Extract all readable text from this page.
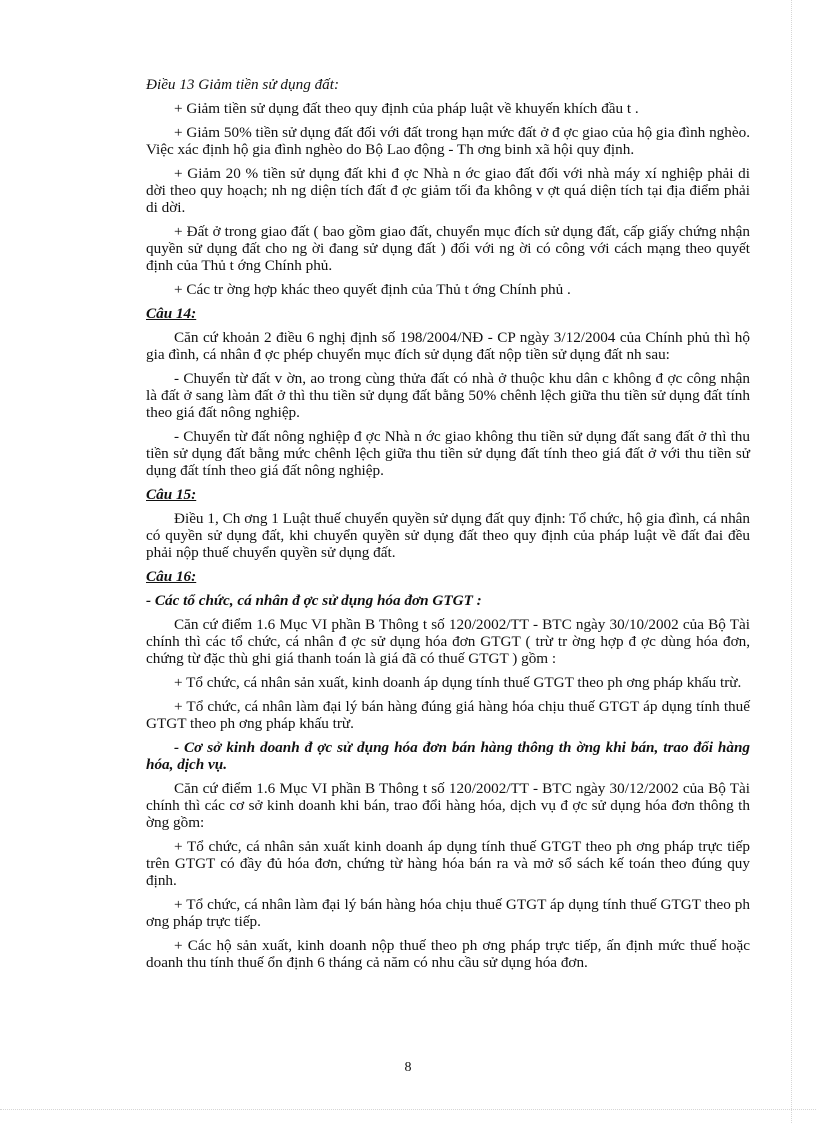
Điều 13 Giảm tiền sử dụng đất:

+ Giảm tiền sử dụng đất theo quy định của pháp luật về khuyến khích đầu t .

+ Giảm 50% tiền sử dụng đất đối với đất trong hạn mức đất ở đ ợc giao của hộ gia đình nghèo. Việc xác định hộ gia đình nghèo do Bộ Lao động - Th ơng binh xã hội quy định.

+ Giảm 20 % tiền sử dụng đất khi đ ợc Nhà n ớc giao đất đối với nhà máy xí nghiệp phải di dời theo quy hoạch; nh ng diện tích đất đ ợc giảm tối đa không v ợt quá diện tích tại địa điểm phải di dời.

+ Đất ở trong giao đất ( bao gồm giao đất, chuyển mục đích sử dụng đất, cấp giấy chứng nhận quyền sử dụng đất cho ng ời đang sử dụng đất ) đối với ng ời có công với cách mạng theo quyết định của Thủ t ớng Chính phủ.

+ Các tr ờng hợp khác theo quyết định của Thủ t ớng Chính phủ .

Câu 14:

Căn cứ khoản 2 điều 6 nghị định số 198/2004/NĐ - CP ngày 3/12/2004 của Chính phủ thì hộ gia đình, cá nhân đ ợc phép chuyển mục đích sử dụng đất nộp tiền sử dụng đất nh sau:

- Chuyển từ đất v ờn, ao trong cùng thửa đất có nhà ở thuộc khu dân c không đ ợc công nhận là đất ở sang làm đất ở thì thu tiền sử dụng đất bằng 50% chênh lệch giữa thu tiền sử dụng đất tính theo giá đất nông nghiệp.

- Chuyển từ đất nông nghiệp đ ợc Nhà n ớc giao không thu tiền sử dụng đất sang đất ở thì thu tiền sử dụng đất bằng mức chênh lệch giữa thu tiền sử dụng đất tính theo giá đất ở với thu tiền sử dụng đất tính theo giá đất nông nghiệp.

Câu 15:

Điều 1, Ch ơng 1 Luật thuế chuyển quyền sử dụng đất quy định: Tổ chức, hộ gia đình, cá nhân có quyền sử dụng đất, khi chuyển quyền sử dụng đất theo quy định của pháp luật về đất đai đều phải nộp thuế chuyển quyền sử dụng đất.

Câu 16:

- Các tổ chức, cá nhân đ ợc sử dụng hóa đơn GTGT :

Căn cứ điểm 1.6 Mục VI phần B Thông t số 120/2002/TT - BTC ngày 30/10/2002 của Bộ Tài chính thì các tổ chức, cá nhân đ ợc sử dụng hóa đơn GTGT ( trừ tr ờng hợp đ ợc dùng hóa đơn, chứng từ đặc thù ghi giá thanh toán là giá đã có thuế GTGT ) gồm :

+ Tổ chức, cá nhân sản xuất, kinh doanh áp dụng tính thuế GTGT theo ph ơng pháp khấu trừ.

+ Tổ chức, cá nhân làm đại lý bán hàng đúng giá hàng hóa chịu thuế GTGT áp dụng tính thuế GTGT theo ph ơng pháp khấu trừ.

- Cơ sở kinh doanh đ ợc sử dụng hóa đơn bán hàng thông th ờng khi bán, trao đổi hàng hóa, dịch vụ.

Căn cứ điểm 1.6 Mục VI phần B Thông t số 120/2002/TT - BTC ngày 30/12/2002 của Bộ Tài chính thì các cơ sở kinh doanh khi bán, trao đổi hàng hóa, dịch vụ đ ợc sử dụng hóa đơn thông th ờng gồm:

+ Tổ chức, cá nhân sản xuất kinh doanh áp dụng tính thuế GTGT theo ph ơng pháp trực tiếp trên GTGT có đầy đủ hóa đơn, chứng từ hàng hóa bán ra và mở sổ sách kế toán theo đúng quy định.

+ Tổ chức, cá nhân làm đại lý bán hàng hóa chịu thuế GTGT áp dụng tính thuế GTGT theo ph ơng pháp trực tiếp.

+ Các hộ sản xuất, kinh doanh nộp thuế theo ph ơng pháp trực tiếp, ấn định mức thuế hoặc doanh thu tính thuế ổn định 6 tháng cả năm có nhu cầu sử dụng hóa đơn.

8
